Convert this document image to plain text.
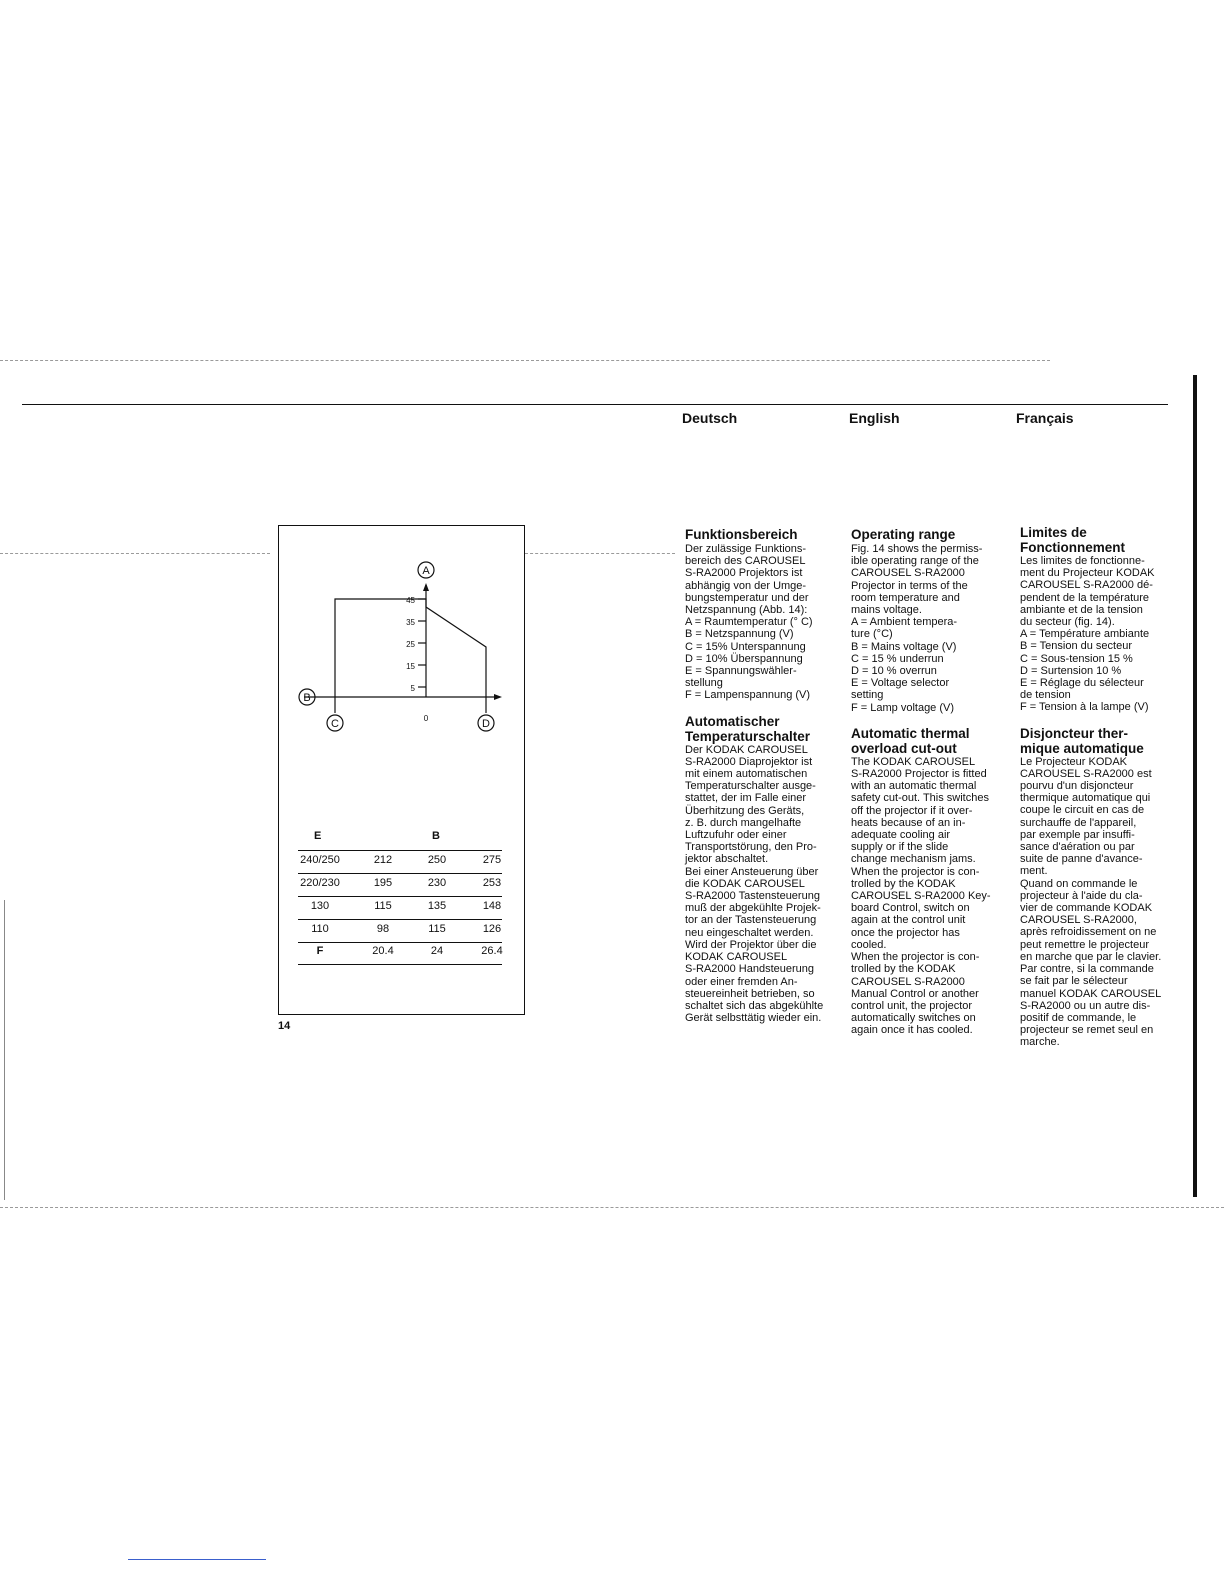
Deutsch	English	Français
A
B
C	D
45
35
25
15
5
0
E	B
240/250	212	250	275
220/230	195	230	253
130	115	135	148
110	98	115	126
F	20.4	24	26.4
14
Funktionsbereich
Der zulässige Funktions-
bereich des CAROUSEL
S-RA2000 Projektors ist
abhängig von der Umge-
bungstemperatur und der
Netzspannung (Abb. 14):
A = Raumtemperatur (° C)
B = Netzspannung (V)
C = 15% Unterspannung
D = 10% Überspannung
E = Spannungswähler-
stellung
F = Lampenspannung (V)
Automatischer
Temperaturschalter
Der KODAK CAROUSEL
S-RA2000 Diaprojektor ist
mit einem automatischen
Temperaturschalter ausge-
stattet, der im Falle einer
Überhitzung des Geräts,
z. B. durch mangelhafte
Luftzufuhr oder einer
Transportstörung, den Pro-
jektor abschaltet.
Bei einer Ansteuerung über
die KODAK CAROUSEL
S-RA2000 Tastensteuerung
muß der abgekühlte Projek-
tor an der Tastensteuerung
neu eingeschaltet werden.
Wird der Projektor über die
KODAK CAROUSEL
S-RA2000 Handsteuerung
oder einer fremden An-
steuereinheit betrieben, so
schaltet sich das abgekühlte
Gerät selbsttätig wieder ein.
Operating range
Fig. 14 shows the permiss-
ible operating range of the
CAROUSEL S-RA2000
Projector in terms of the
room temperature and
mains voltage.
A = Ambient tempera-
ture (°C)
B = Mains voltage (V)
C = 15 % underrun
D = 10 % overrun
E = Voltage selector
setting
F = Lamp voltage (V)
Automatic thermal
overload cut-out
The KODAK CAROUSEL
S-RA2000 Projector is fitted
with an automatic thermal
safety cut-out. This switches
off the projector if it over-
heats because of an in-
adequate cooling air
supply or if the slide
change mechanism jams.
When the projector is con-
trolled by the KODAK
CAROUSEL S-RA2000 Key-
board Control, switch on
again at the control unit
once the projector has
cooled.
When the projector is con-
trolled by the KODAK
CAROUSEL S-RA2000
Manual Control or another
control unit, the projector
automatically switches on
again once it has cooled.
Limites de
Fonctionnement
Les limites de fonctionne-
ment du Projecteur KODAK
CAROUSEL S-RA2000 dé-
pendent de la température
ambiante et de la tension
du secteur (fig. 14).
A = Température ambiante
B = Tension du secteur
C = Sous-tension 15 %
D = Surtension 10 %
E = Réglage du sélecteur
de tension
F = Tension à la lampe (V)
Disjoncteur ther-
mique automatique
Le Projecteur KODAK
CAROUSEL S-RA2000 est
pourvu d'un disjoncteur
thermique automatique qui
coupe le circuit en cas de
surchauffe de l'appareil,
par exemple par insuffi-
sance d'aération ou par
suite de panne d'avance-
ment.
Quand on commande le
projecteur à l'aide du cla-
vier de commande KODAK
CAROUSEL S-RA2000,
après refroidissement on ne
peut remettre le projecteur
en marche que par le clavier.
Par contre, si la commande
se fait par le sélecteur
manuel KODAK CAROUSEL
S-RA2000 ou un autre dis-
positif de commande, le
projecteur se remet seul en
marche.
